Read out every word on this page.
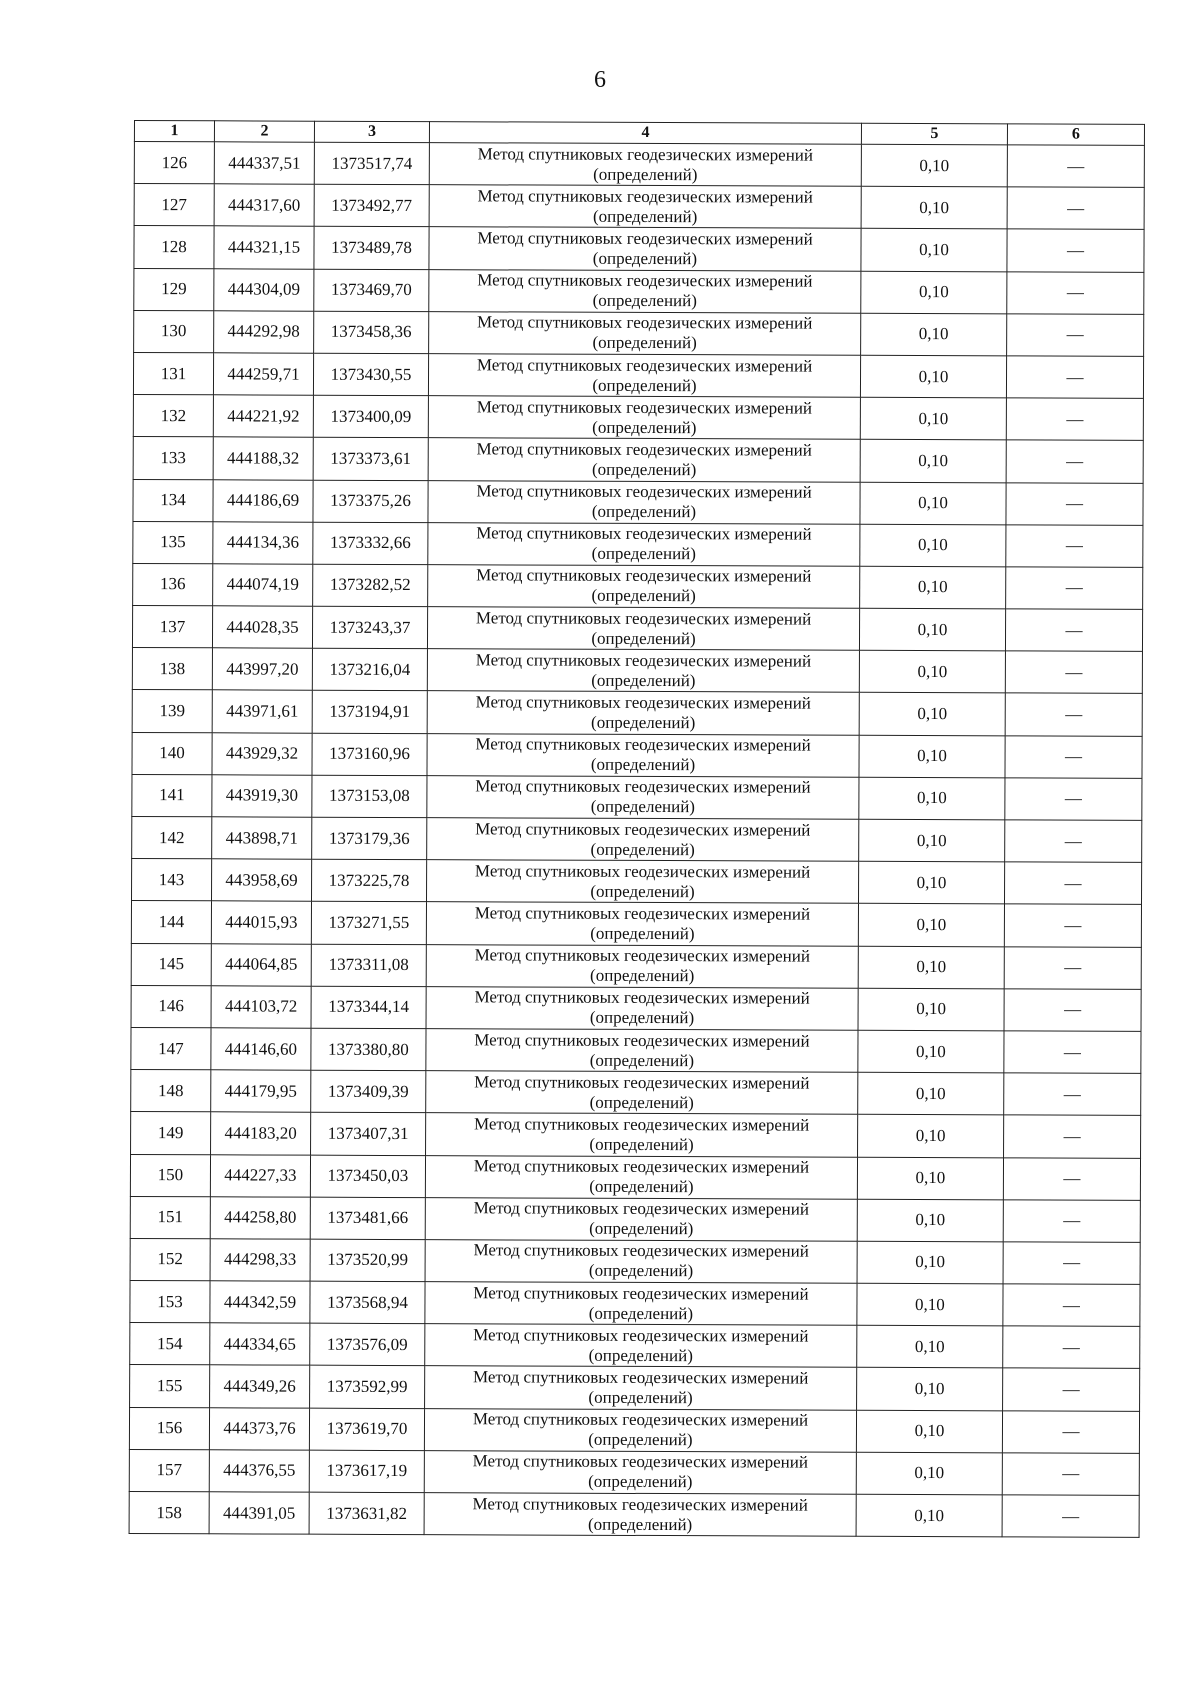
6
1	2	3	4	5	6
126	444337,51	1373517,74	Метод спутниковых геодезических измерений (определений)	0,10	—
127	444317,60	1373492,77	Метод спутниковых геодезических измерений (определений)	0,10	—
128	444321,15	1373489,78	Метод спутниковых геодезических измерений (определений)	0,10	—
129	444304,09	1373469,70	Метод спутниковых геодезических измерений (определений)	0,10	—
130	444292,98	1373458,36	Метод спутниковых геодезических измерений (определений)	0,10	—
131	444259,71	1373430,55	Метод спутниковых геодезических измерений (определений)	0,10	—
132	444221,92	1373400,09	Метод спутниковых геодезических измерений (определений)	0,10	—
133	444188,32	1373373,61	Метод спутниковых геодезических измерений (определений)	0,10	—
134	444186,69	1373375,26	Метод спутниковых геодезических измерений (определений)	0,10	—
135	444134,36	1373332,66	Метод спутниковых геодезических измерений (определений)	0,10	—
136	444074,19	1373282,52	Метод спутниковых геодезических измерений (определений)	0,10	—
137	444028,35	1373243,37	Метод спутниковых геодезических измерений (определений)	0,10	—
138	443997,20	1373216,04	Метод спутниковых геодезических измерений (определений)	0,10	—
139	443971,61	1373194,91	Метод спутниковых геодезических измерений (определений)	0,10	—
140	443929,32	1373160,96	Метод спутниковых геодезических измерений (определений)	0,10	—
141	443919,30	1373153,08	Метод спутниковых геодезических измерений (определений)	0,10	—
142	443898,71	1373179,36	Метод спутниковых геодезических измерений (определений)	0,10	—
143	443958,69	1373225,78	Метод спутниковых геодезических измерений (определений)	0,10	—
144	444015,93	1373271,55	Метод спутниковых геодезических измерений (определений)	0,10	—
145	444064,85	1373311,08	Метод спутниковых геодезических измерений (определений)	0,10	—
146	444103,72	1373344,14	Метод спутниковых геодезических измерений (определений)	0,10	—
147	444146,60	1373380,80	Метод спутниковых геодезических измерений (определений)	0,10	—
148	444179,95	1373409,39	Метод спутниковых геодезических измерений (определений)	0,10	—
149	444183,20	1373407,31	Метод спутниковых геодезических измерений (определений)	0,10	—
150	444227,33	1373450,03	Метод спутниковых геодезических измерений (определений)	0,10	—
151	444258,80	1373481,66	Метод спутниковых геодезических измерений (определений)	0,10	—
152	444298,33	1373520,99	Метод спутниковых геодезических измерений (определений)	0,10	—
153	444342,59	1373568,94	Метод спутниковых геодезических измерений (определений)	0,10	—
154	444334,65	1373576,09	Метод спутниковых геодезических измерений (определений)	0,10	—
155	444349,26	1373592,99	Метод спутниковых геодезических измерений (определений)	0,10	—
156	444373,76	1373619,70	Метод спутниковых геодезических измерений (определений)	0,10	—
157	444376,55	1373617,19	Метод спутниковых геодезических измерений (определений)	0,10	—
158	444391,05	1373631,82	Метод спутниковых геодезических измерений (определений)	0,10	—
